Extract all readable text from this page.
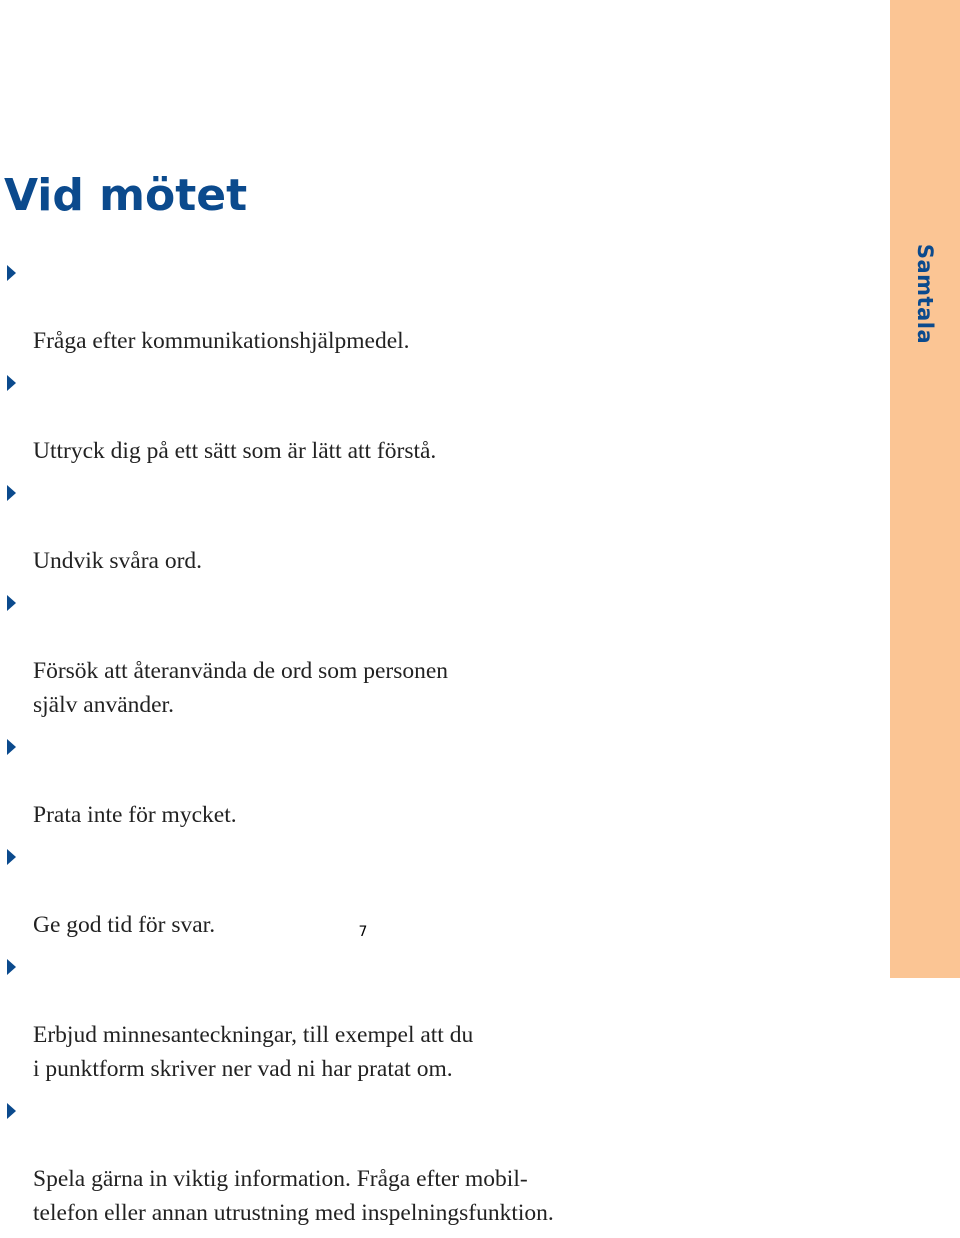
Samtala
Vid mötet

Fråga efter kommunikationshjälpmedel.

Uttryck dig på ett sätt som är lätt att förstå.

Undvik svåra ord.

Försök att återanvända de ord som personen
själv använder.

Prata inte för mycket.

Ge god tid för svar.

Erbjud minnesanteckningar, till exempel att du
i punktform skriver ner vad ni har pratat om.

Spela gärna in viktig information. Fråga efter mobil-
telefon eller annan utrustning med inspelningsfunktion.

7
